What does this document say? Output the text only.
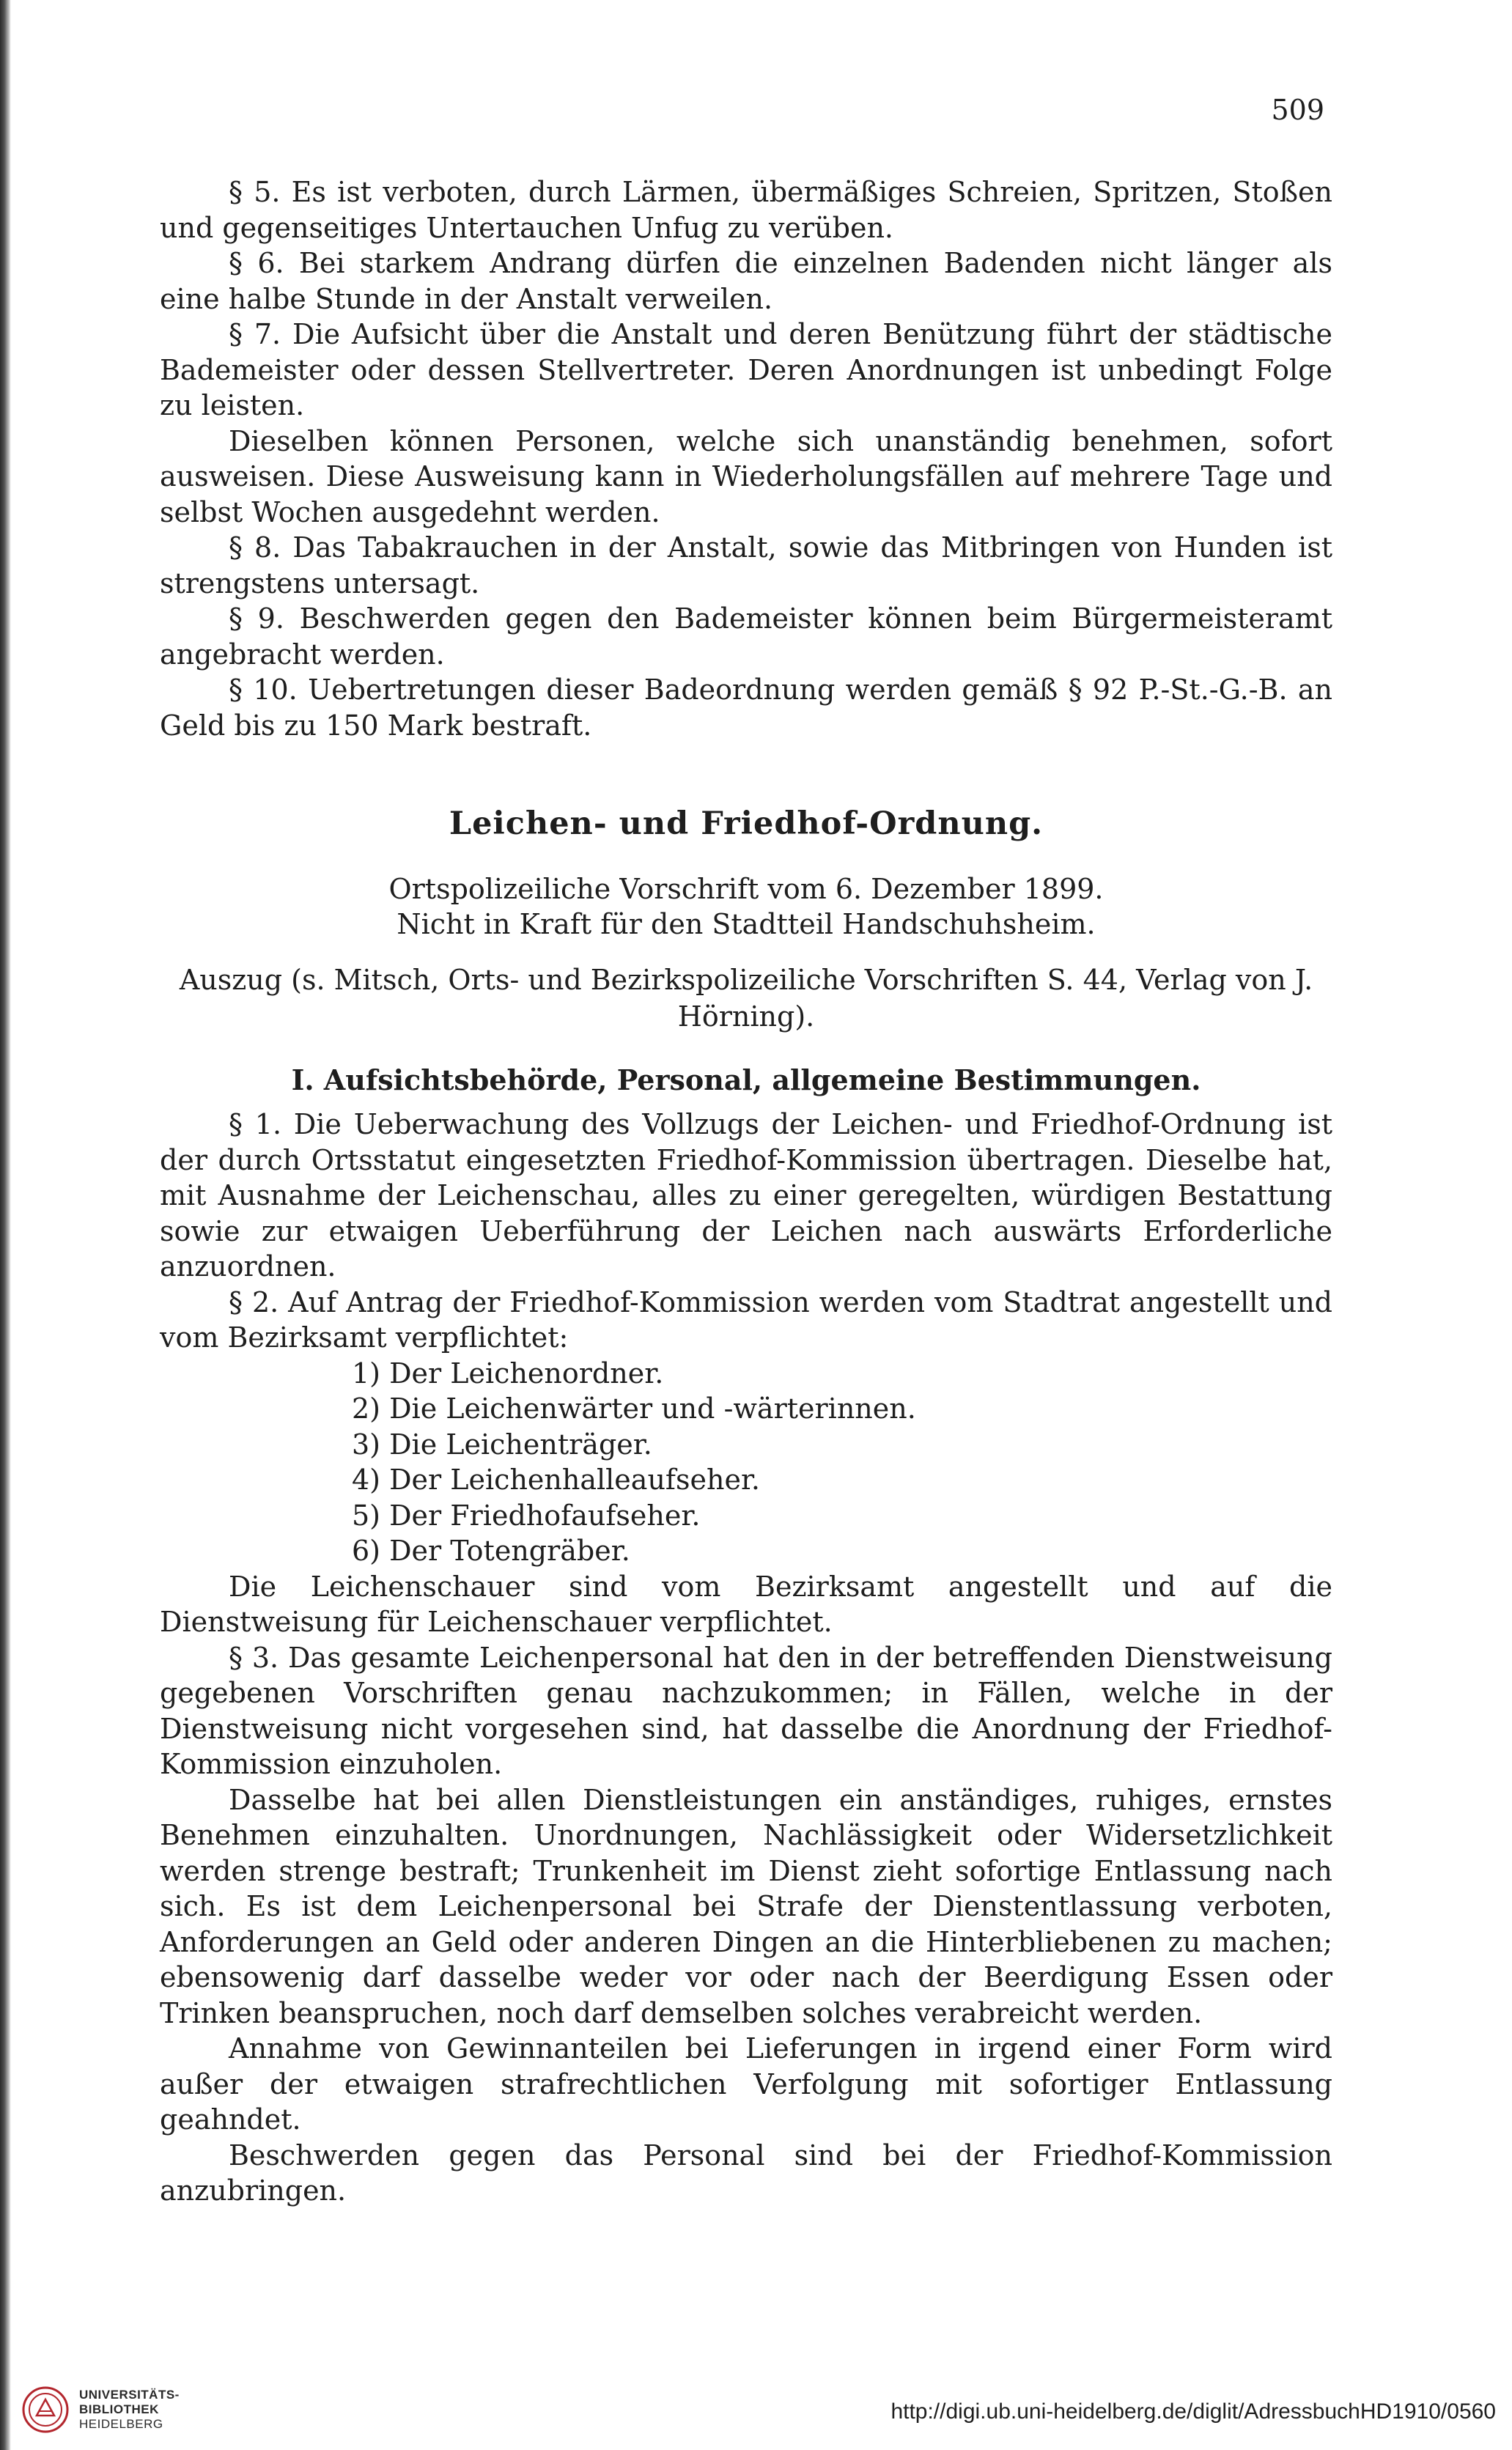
509

§ 5. Es ist verboten, durch Lärmen, übermäßiges Schreien, Spritzen, Stoßen und gegenseitiges Untertauchen Unfug zu verüben.

§ 6. Bei starkem Andrang dürfen die einzelnen Badenden nicht länger als eine halbe Stunde in der Anstalt verweilen.

§ 7. Die Aufsicht über die Anstalt und deren Benützung führt der städtische Bademeister oder dessen Stellvertreter. Deren Anordnungen ist unbedingt Folge zu leisten.

Dieselben können Personen, welche sich unanständig benehmen, sofort ausweisen. Diese Ausweisung kann in Wiederholungsfällen auf mehrere Tage und selbst Wochen ausgedehnt werden.

§ 8. Das Tabakrauchen in der Anstalt, sowie das Mitbringen von Hunden ist strengstens untersagt.

§ 9. Beschwerden gegen den Bademeister können beim Bürgermeisteramt angebracht werden.

§ 10. Uebertretungen dieser Badeordnung werden gemäß § 92 P.-St.-G.-B. an Geld bis zu 150 Mark bestraft.

Leichen- und Friedhof-Ordnung.

Ortspolizeiliche Vorschrift vom 6. Dezember 1899.

Nicht in Kraft für den Stadtteil Handschuhsheim.

Auszug (s. Mitsch, Orts- und Bezirkspolizeiliche Vorschriften S. 44, Verlag von J. Hörning).

I. Aufsichtsbehörde, Personal, allgemeine Bestimmungen.

§ 1. Die Ueberwachung des Vollzugs der Leichen- und Friedhof-Ordnung ist der durch Ortsstatut eingesetzten Friedhof-Kommission übertragen. Dieselbe hat, mit Ausnahme der Leichenschau, alles zu einer geregelten, würdigen Bestattung sowie zur etwaigen Ueberführung der Leichen nach auswärts Erforderliche anzuordnen.

§ 2. Auf Antrag der Friedhof-Kommission werden vom Stadtrat angestellt und vom Bezirksamt verpflichtet:

1) Der Leichenordner.
2) Die Leichenwärter und -wärterinnen.
3) Die Leichenträger.
4) Der Leichenhalleaufseher.
5) Der Friedhofaufseher.
6) Der Totengräber.

Die Leichenschauer sind vom Bezirksamt angestellt und auf die Dienstweisung für Leichenschauer verpflichtet.

§ 3. Das gesamte Leichenpersonal hat den in der betreffenden Dienstweisung gegebenen Vorschriften genau nachzukommen; in Fällen, welche in der Dienstweisung nicht vorgesehen sind, hat dasselbe die Anordnung der Friedhof-Kommission einzuholen.

Dasselbe hat bei allen Dienstleistungen ein anständiges, ruhiges, ernstes Benehmen einzuhalten. Unordnungen, Nachlässigkeit oder Widersetzlichkeit werden strenge bestraft; Trunkenheit im Dienst zieht sofortige Entlassung nach sich. Es ist dem Leichenpersonal bei Strafe der Dienstentlassung verboten, Anforderungen an Geld oder anderen Dingen an die Hinterbliebenen zu machen; ebensowenig darf dasselbe weder vor oder nach der Beerdigung Essen oder Trinken beanspruchen, noch darf demselben solches verabreicht werden.

Annahme von Gewinnanteilen bei Lieferungen in irgend einer Form wird außer der etwaigen strafrechtlichen Verfolgung mit sofortiger Entlassung geahndet.

Beschwerden gegen das Personal sind bei der Friedhof-Kommission anzubringen.

UNIVERSITÄTS-
BIBLIOTHEK
HEIDELBERG
http://digi.ub.uni-heidelberg.de/diglit/AdressbuchHD1910/0560
